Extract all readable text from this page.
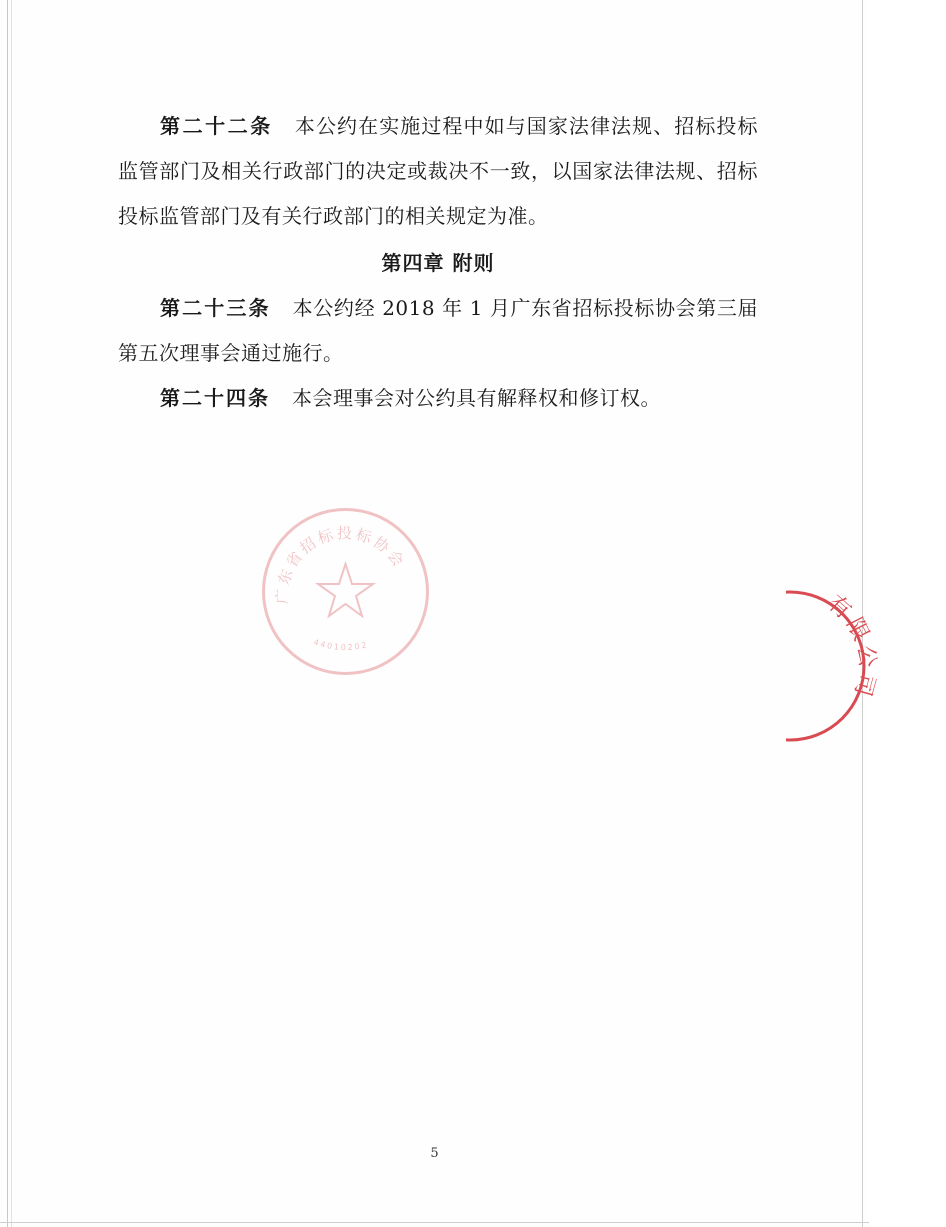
第二十二条 本公约在实施过程中如与国家法律法规、招标投标监管部门及相关行政部门的决定或裁决不一致，以国家法律法规、招标投标监管部门及有关行政部门的相关规定为准。

第四章 附则

第二十三条 本公约经 2018 年 1 月广东省招标投标协会第三届第五次理事会通过施行。

第二十四条 本会理事会对公约具有解释权和修订权。

广东省招标投标协会
44010202
有限公司
5
